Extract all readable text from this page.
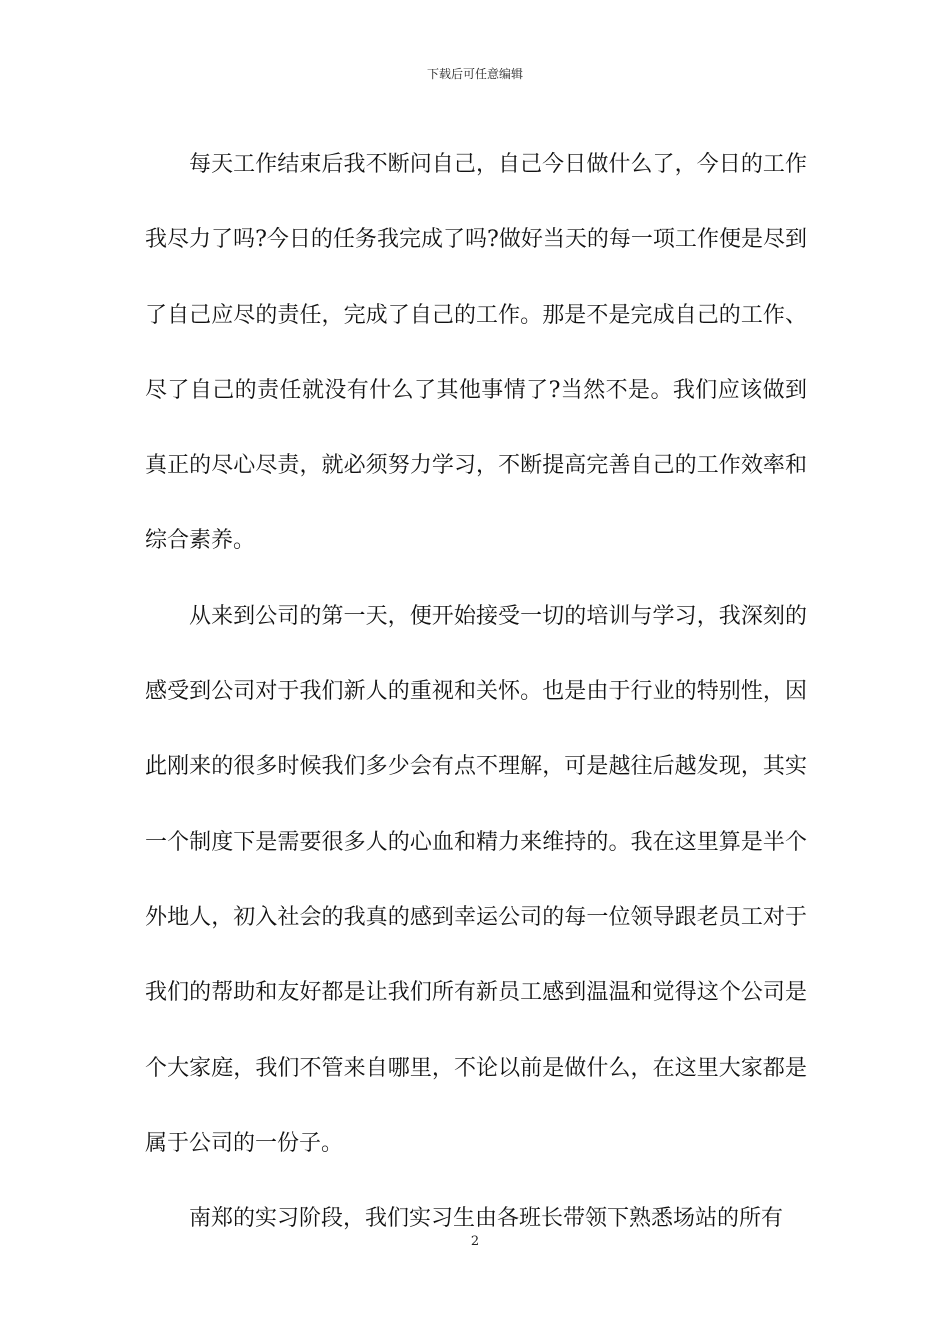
下载后可任意编辑

每天工作结束后我不断问自己，自己今日做什么了，今日的工作我尽力了吗?今日的任务我完成了吗?做好当天的每一项工作便是尽到了自己应尽的责任，完成了自己的工作。那是不是完成自己的工作、尽了自己的责任就没有什么了其他事情了?当然不是。我们应该做到真正的尽心尽责，就必须努力学习，不断提高完善自己的工作效率和综合素养。

从来到公司的第一天，便开始接受一切的培训与学习，我深刻的感受到公司对于我们新人的重视和关怀。也是由于行业的特别性，因此刚来的很多时候我们多少会有点不理解，可是越往后越发现，其实一个制度下是需要很多人的心血和精力来维持的。我在这里算是半个外地人，初入社会的我真的感到幸运公司的每一位领导跟老员工对于我们的帮助和友好都是让我们所有新员工感到温温和觉得这个公司是个大家庭，我们不管来自哪里，不论以前是做什么，在这里大家都是属于公司的一份子。

南郑的实习阶段，我们实习生由各班长带领下熟悉场站的所有

2
